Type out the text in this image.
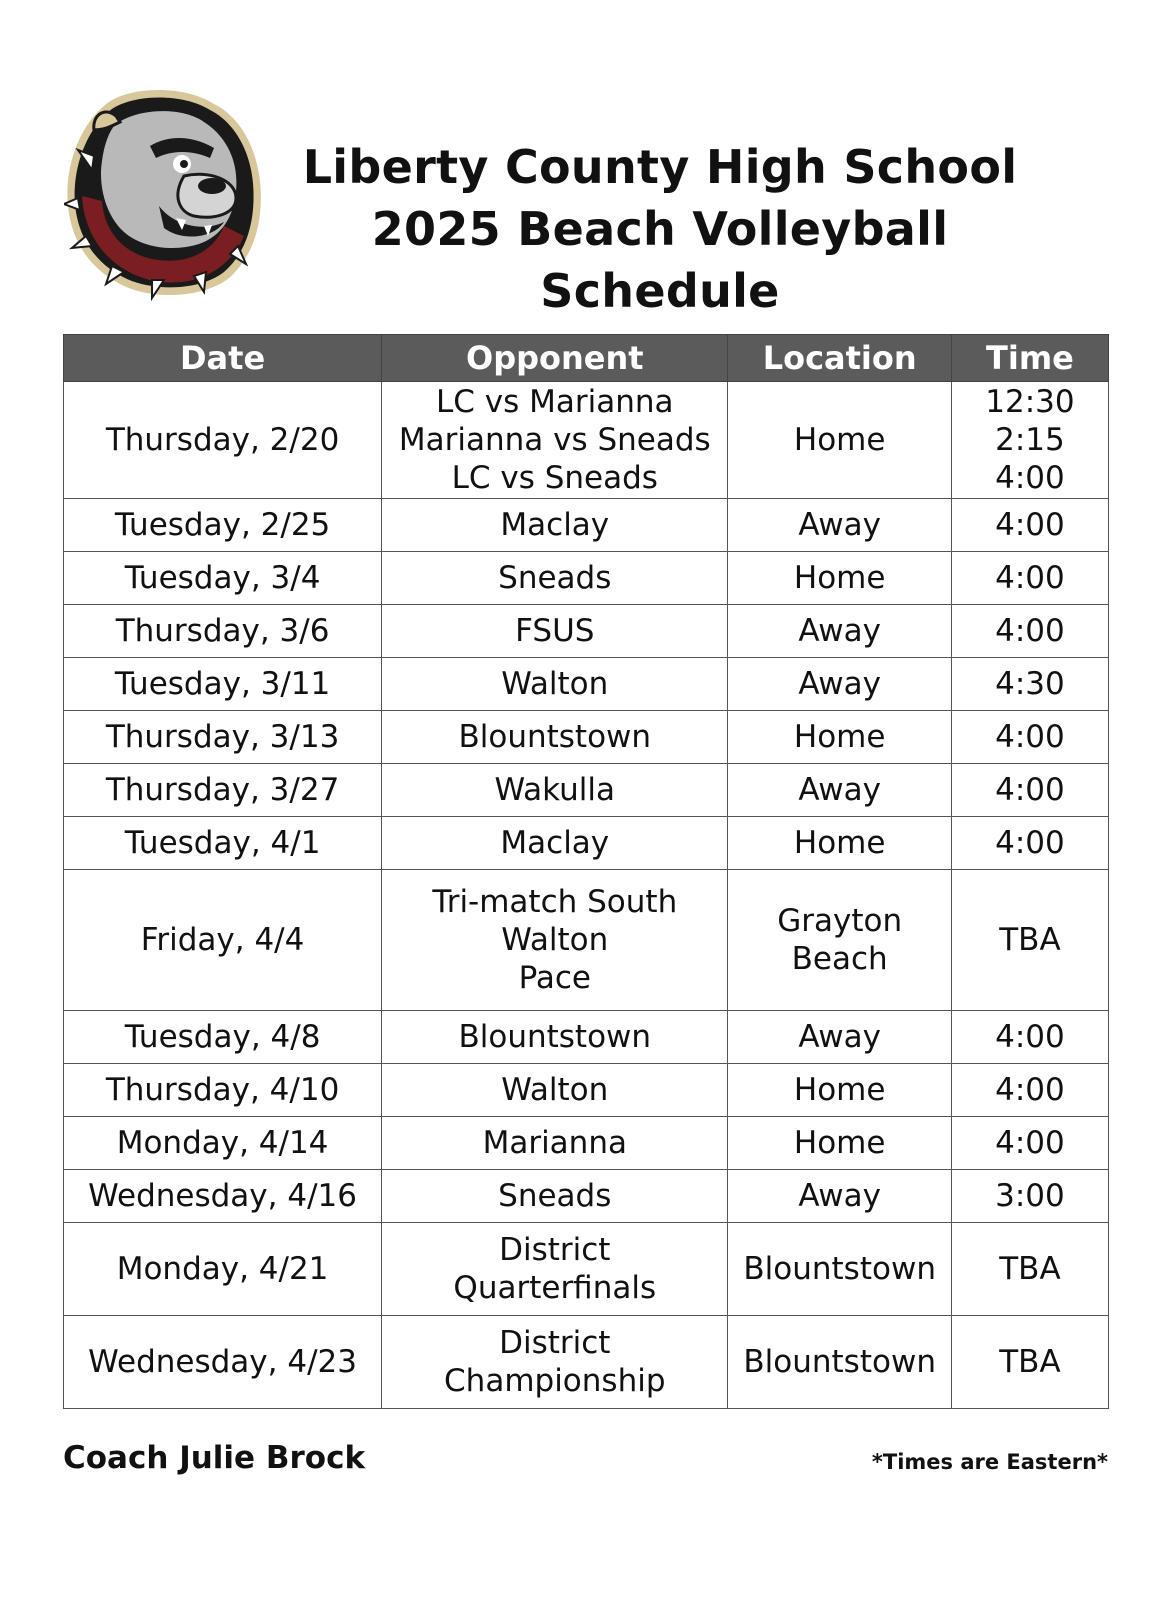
Liberty County High School
2025 Beach Volleyball Schedule
Date	Opponent	Location	Time
Thursday, 2/20	LC vs Marianna
Marianna vs Sneads
LC vs Sneads	Home	12:30
2:15
4:00

Tuesday, 2/25	Maclay	Away	4:00

Tuesday, 3/4	Sneads	Home	4:00

Thursday, 3/6	FSUS	Away	4:00

Tuesday, 3/11	Walton	Away	4:30

Thursday, 3/13	Blountstown	Home	4:00

Thursday, 3/27	Wakulla	Away	4:00

Tuesday, 4/1	Maclay	Home	4:00

Friday, 4/4	Tri-match South
Walton
Pace	Grayton
Beach	TBA

Tuesday, 4/8	Blountstown	Away	4:00

Thursday, 4/10	Walton	Home	4:00

Monday, 4/14	Marianna	Home	4:00

Wednesday, 4/16	Sneads	Away	3:00

Monday, 4/21	District
Quarterfinals	Blountstown	TBA

Wednesday, 4/23	District
Championship	Blountstown	TBA
Coach Julie Brock	*Times are Eastern*
